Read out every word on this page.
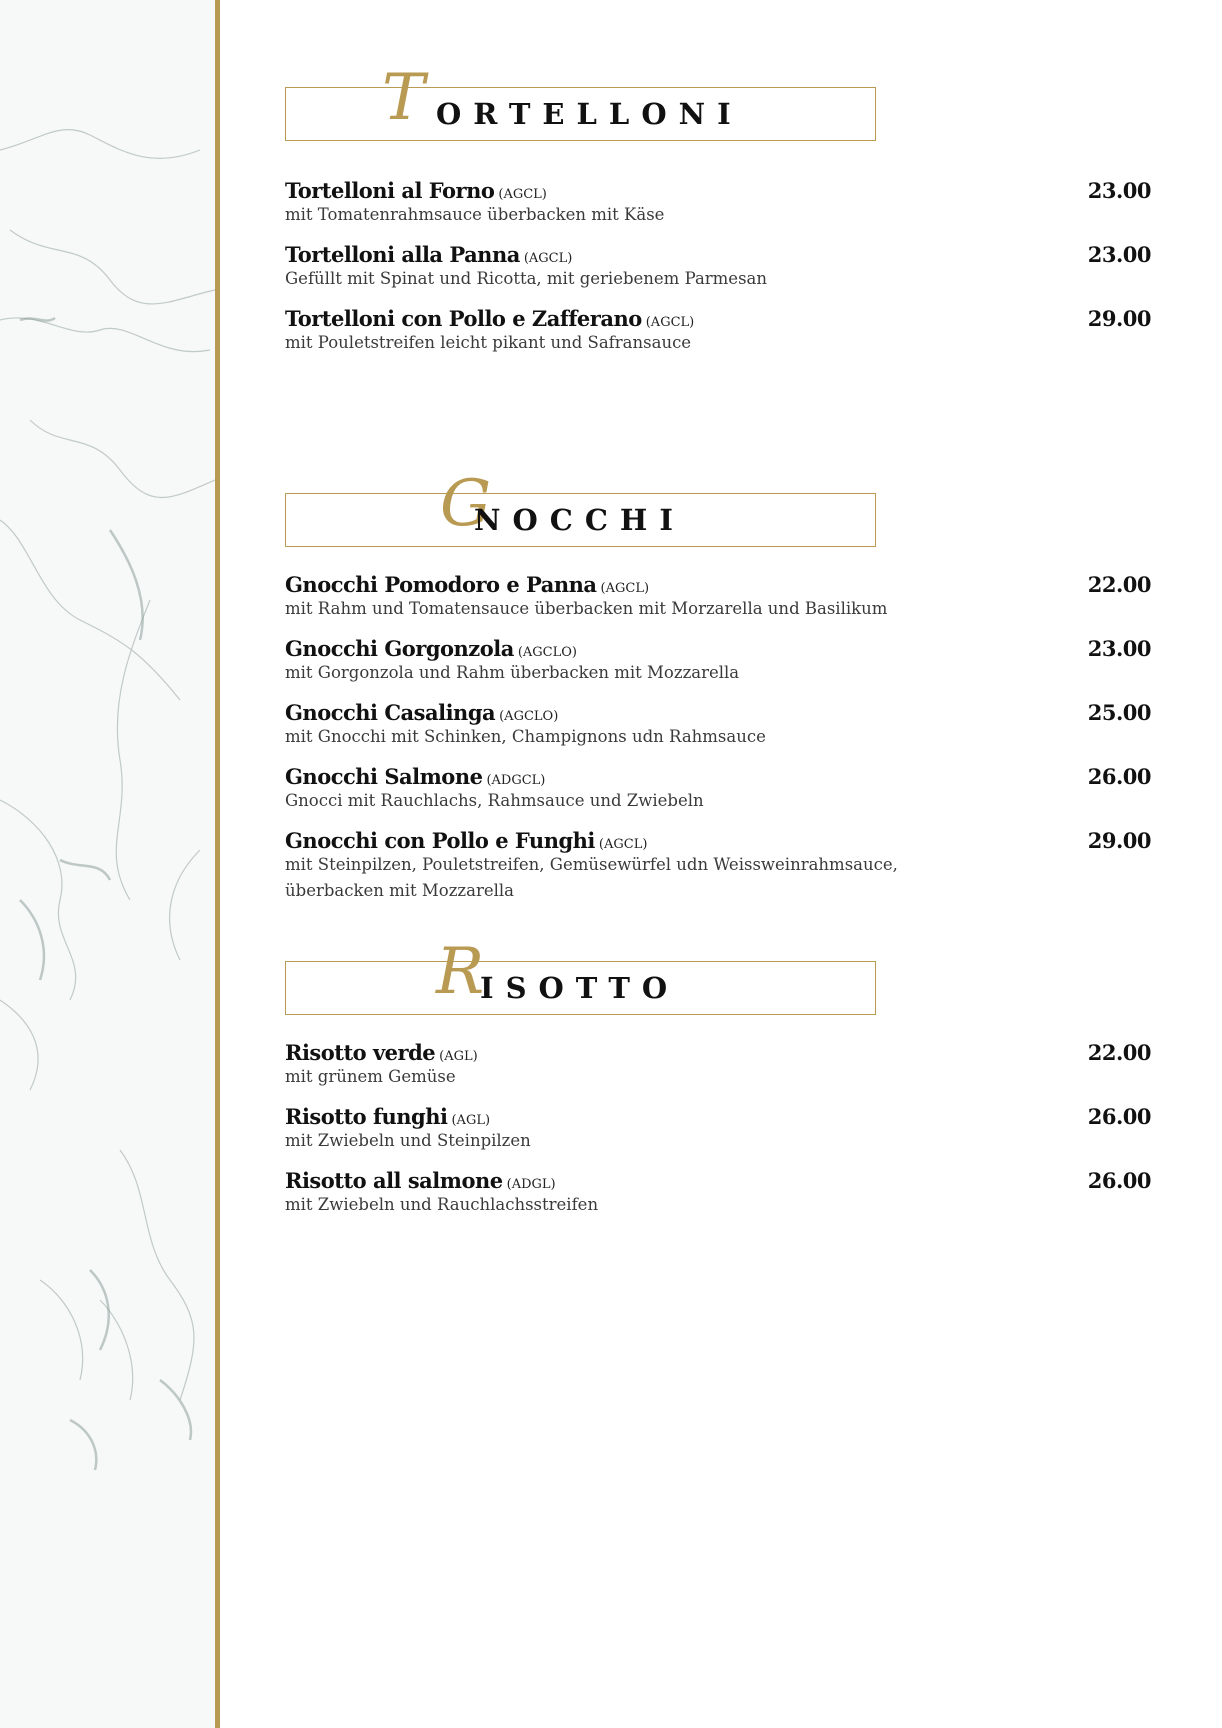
T ORTELLONI
Tortelloni al Forno (AGCL)
mit Tomatenrahmsauce überbacken mit Käse
23.00
Tortelloni alla Panna (AGCL)
Gefüllt mit Spinat und Ricotta, mit geriebenem Parmesan
23.00
Tortelloni con Pollo e Zafferano (AGCL)
mit Pouletstreifen leicht pikant und Safransauce
29.00
G
NOCCHI
Gnocchi Pomodoro e Panna (AGCL)
mit Rahm und Tomatensauce überbacken mit Morzarella und Basilikum
22.00
Gnocchi Gorgonzola (AGCLO)
mit Gorgonzola und Rahm überbacken mit Mozzarella
23.00
Gnocchi Casalinga (AGCLO)
mit Gnocchi mit Schinken, Champignons udn Rahmsauce
25.00
Gnocchi Salmone (ADGCL)
Gnocci mit Rauchlachs, Rahmsauce und Zwiebeln
26.00
Gnocchi con Pollo e Funghi (AGCL)
mit Steinpilzen, Pouletstreifen, Gemüsewürfel udn Weissweinrahmsauce, überbacken mit Mozzarella
29.00
R
ISOTTO
Risotto verde (AGL)
mit grünem Gemüse
22.00
Risotto funghi (AGL)
mit Zwiebeln und Steinpilzen
26.00
Risotto all salmone (ADGL)
mit Zwiebeln und Rauchlachsstreifen
26.00
